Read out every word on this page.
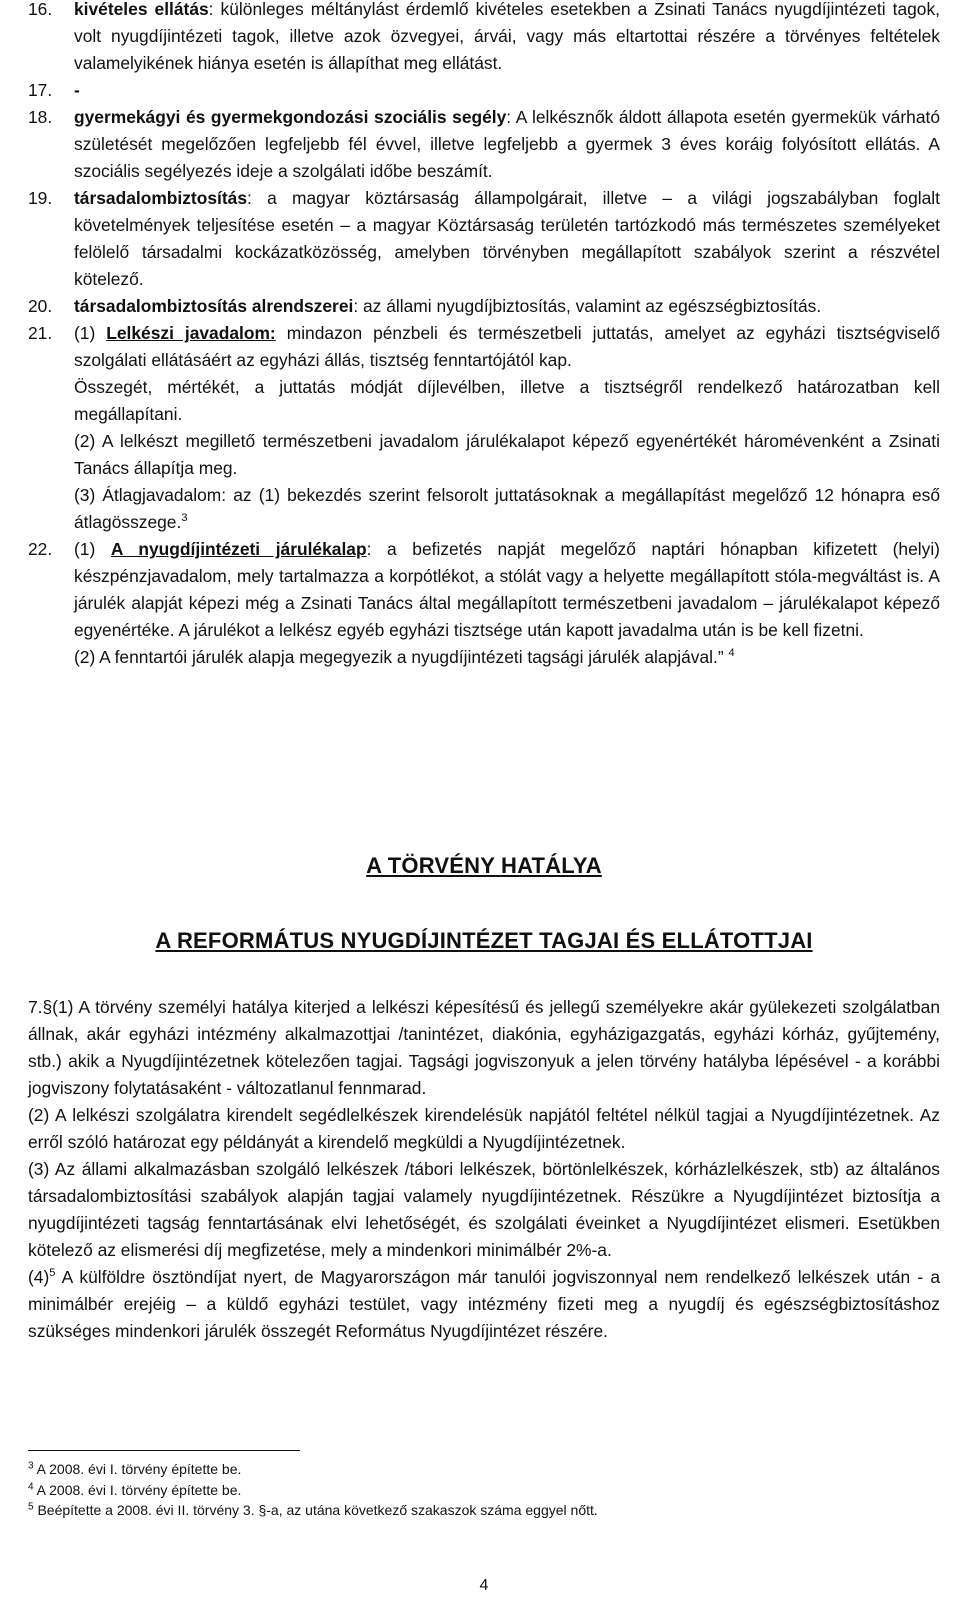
16.	kivételes ellátás: különleges méltánylást érdemlő kivételes esetekben a Zsinati Tanács nyugdíjintézeti tagok, volt nyugdíjintézeti tagok, illetve azok özvegyei, árvái, vagy más eltartottai részére a törvényes feltételek valamelyikének hiánya esetén is állapíthat meg ellátást.

17.	-

18.	gyermekágyi és gyermekgondozási szociális segély: A lelkésznők áldott állapota esetén gyermekük várható születését megelőzően legfeljebb fél évvel, illetve legfeljebb a gyermek 3 éves koráig folyósított ellátás. A szociális segélyezés ideje a szolgálati időbe beszámít.

19.	társadalombiztosítás: a magyar köztársaság állampolgárait, illetve – a világi jogszabályban foglalt követelmények teljesítése esetén – a magyar Köztársaság területén tartózkodó más természetes személyeket felölelő társadalmi kockázatközösség, amelyben törvényben megállapított szabályok szerint a részvétel kötelező.

20.	társadalombiztosítás alrendszerei: az állami nyugdíjbiztosítás, valamint az egészségbiztosítás.

21.	(1) Lelkészi javadalom: mindazon pénzbeli és természetbeli juttatás, amelyet az egyházi tisztségviselő szolgálati ellátásáért az egyházi állás, tisztség fenntartójától kap.

Összegét, mértékét, a juttatás módját díjlevélben, illetve a tisztségről rendelkező határozatban kell megállapítani.

(2) A lelkészt megillető természetbeni javadalom járulékalapot képező egyenértékét háromévenként a Zsinati Tanács állapítja meg.

(3) Átlagjavadalom: az (1) bekezdés szerint felsorolt juttatásoknak a megállapítást megelőző 12 hónapra eső átlagösszege.$^3$

22.	(1) A nyugdíjintézeti járulékalap: a befizetés napját megelőző naptári hónapban kifizetett (helyi) készpénzjavadalom, mely tartalmazza a korpótlékot, a stólát vagy a helyette megállapított stóla-megváltást is. A járulék alapját képezi még a Zsinati Tanács által megállapított természetbeni javadalom – járulékalapot képező egyenértéke. A járulékot a lelkész egyéb egyházi tisztsége után kapott javadalma után is be kell fizetni.

(2) A fenntartói járulék alapja megegyezik a nyugdíjintézeti tagsági járulék alapjával.” $^4$

A TÖRVÉNY HATÁLYA
A REFORMÁTUS NYUGDÍJINTÉZET TAGJAI ÉS ELLÁTOTTJAI

7.§(1) A törvény személyi hatálya kiterjed a lelkészi képesítésű és jellegű személyekre akár gyülekezeti szolgálatban állnak, akár egyházi intézmény alkalmazottjai /tanintézet, diakónia, egyházigazgatás, egyházi kórház, gyűjtemény, stb.) akik a Nyugdíjintézetnek kötelezően tagjai. Tagsági jogviszonyuk a jelen törvény hatályba lépésével - a korábbi jogviszony folytatásaként - változatlanul fennmarad.

(2) A lelkészi szolgálatra kirendelt segédlelkészek kirendelésük napjától feltétel nélkül tagjai a Nyugdíjintézetnek. Az erről szóló határozat egy példányát a kirendelő megküldi a Nyugdíjintézetnek.

(3) Az állami alkalmazásban szolgáló lelkészek /tábori lelkészek, börtönlelkészek, kórházlelkészek, stb) az általános társadalombiztosítási szabályok alapján tagjai valamely nyugdíjintézetnek. Részükre a Nyugdíjintézet biztosítja a nyugdíjintézeti tagság fenntartásának elvi lehetőségét, és szolgálati éveinket a Nyugdíjintézet elismeri. Esetükben kötelező az elismerési díj megfizetése, mely a mindenkori minimálbér 2%-a.

$(4)^5$ A külföldre ösztöndíjat nyert, de Magyarországon már tanulói jogviszonnyal nem rendelkező lelkészek után - a minimálbér erejéig – a küldő egyházi testület, vagy intézmény fizeti meg a nyugdíj és egészségbiztosításhoz szükséges mindenkori járulék összegét Református Nyugdíjintézet részére.

$^3$ A 2008. évi I. törvény építette be.
$^4$ A 2008. évi I. törvény építette be.
$^5$ Beépítette a 2008. évi II. törvény 3. §-a, az utána következő szakaszok száma eggyel nőtt.
4
